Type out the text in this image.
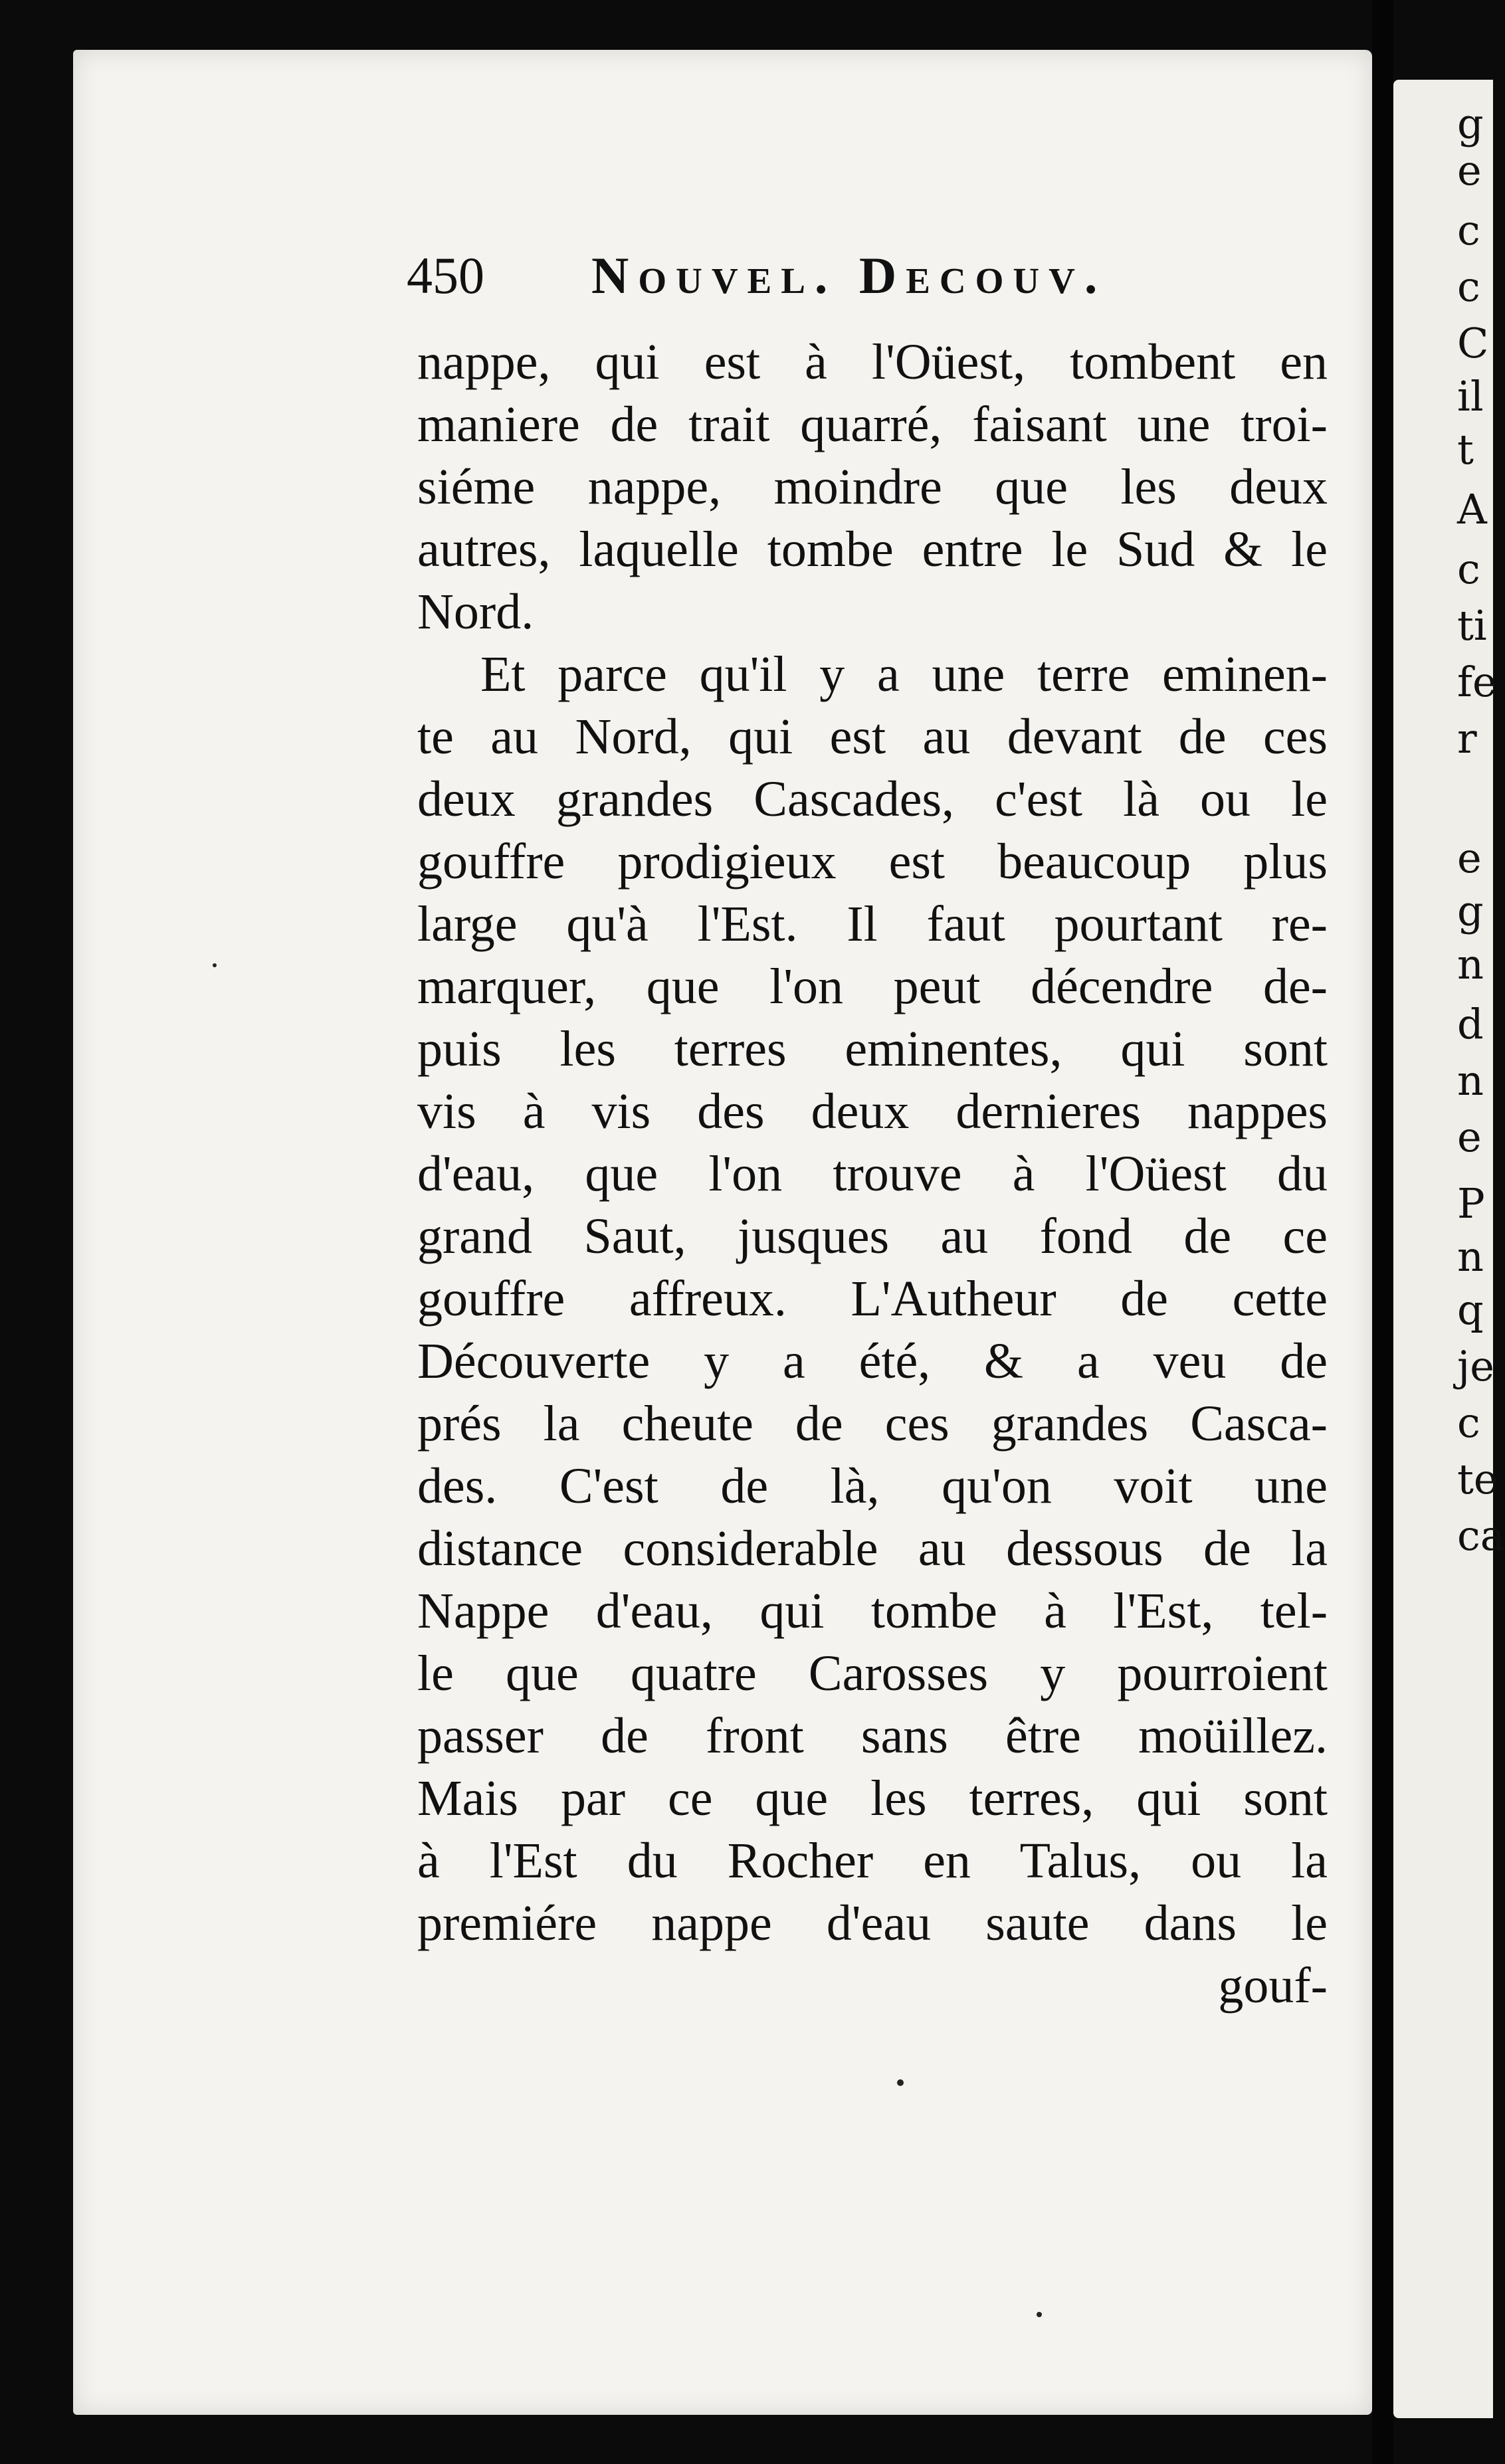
g
e
c
c
C
il
t
A
c
ti
fe
r
e
g
n
d
n
e
P
n
q
je
c
te
ca
450 Nouvel. Decouv.
nappe, qui est à l'Oüest, tombent en
maniere de trait quarré, faisant une troi-
siéme nappe, moindre que les deux
autres, laquelle tombe entre le Sud & le
Nord.
Et parce qu'il y a une terre eminen-
te au Nord, qui est au devant de ces
deux grandes Cascades, c'est là ou le
gouffre prodigieux est beaucoup plus
large qu'à l'Est. Il faut pourtant re-
marquer, que l'on peut décendre de-
puis les terres eminentes, qui sont
vis à vis des deux dernieres nappes
d'eau, que l'on trouve à l'Oüest du
grand Saut, jusques au fond de ce
gouffre affreux. L'Autheur de cette
Découverte y a été, & a veu de
prés la cheute de ces grandes Casca-
des. C'est de là, qu'on voit une
distance considerable au dessous de la
Nappe d'eau, qui tombe à l'Est, tel-
le que quatre Carosses y pourroient
passer de front sans être moüillez.
Mais par ce que les terres, qui sont
à l'Est du Rocher en Talus, ou la
premiére nappe d'eau saute dans le
gouf-
